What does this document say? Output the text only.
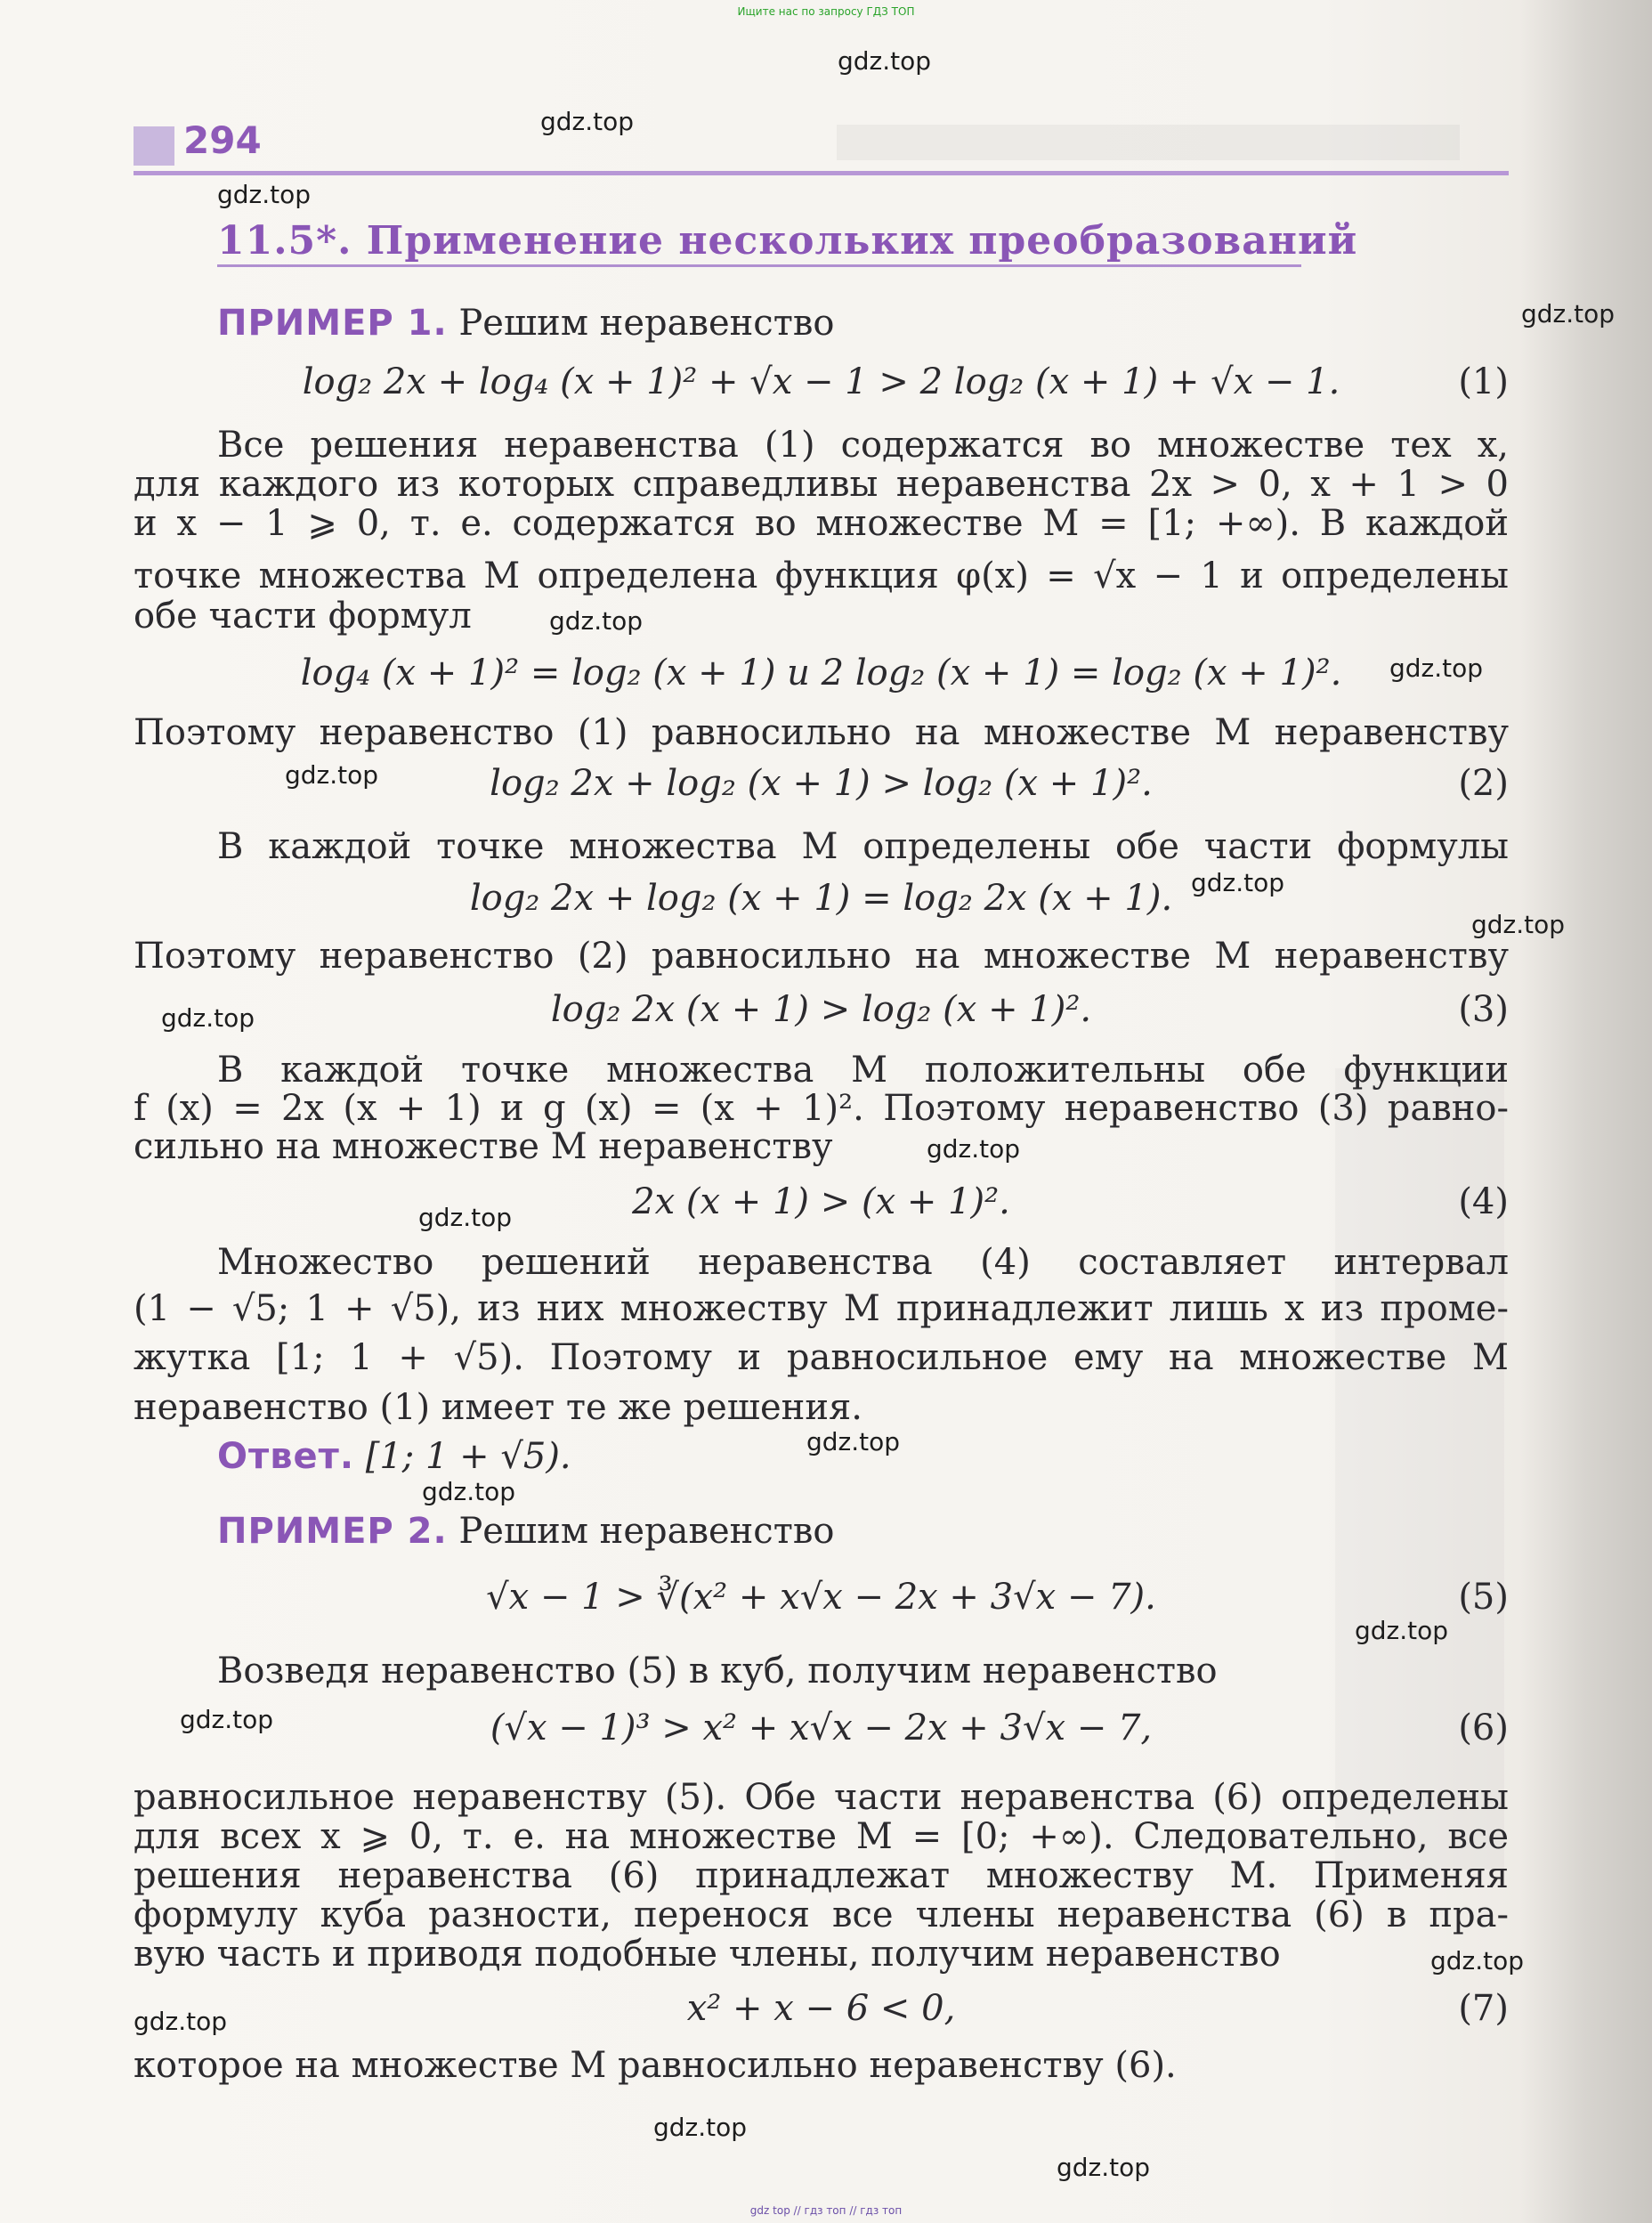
Ищите нас по запросу ГДЗ ТОП
294
11.5*. Применение нескольких преобразований
ПРИМЕР 1. Решим неравенство
log₂ 2x + log₄ (x + 1)² + √x − 1 > 2 log₂ (x + 1) + √x − 1.	(1)
Все решения неравенства (1) содержатся во множестве тех x,
для каждого из которых справедливы неравенства 2x > 0, x + 1 > 0
и x − 1 ⩾ 0, т. е. содержатся во множестве M = [1; +∞). В каждой
точке множества M определена функция φ(x) = √x − 1 и определены
обе части формул
log₄ (x + 1)² = log₂ (x + 1) и 2 log₂ (x + 1) = log₂ (x + 1)².
Поэтому неравенство (1) равносильно на множестве M неравенству
log₂ 2x + log₂ (x + 1) > log₂ (x + 1)².	(2)
В каждой точке множества M определены обе части формулы
log₂ 2x + log₂ (x + 1) = log₂ 2x (x + 1).
Поэтому неравенство (2) равносильно на множестве M неравенству
log₂ 2x (x + 1) > log₂ (x + 1)².	(3)
В каждой точке множества M положительны обе функции
f (x) = 2x (x + 1) и g (x) = (x + 1)². Поэтому неравенство (3) равно-
сильно на множестве M неравенству
2x (x + 1) > (x + 1)².	(4)
Множество решений неравенства (4) составляет интервал
(1 − √5; 1 + √5), из них множеству M принадлежит лишь x из проме-
жутка [1; 1 + √5). Поэтому и равносильное ему на множестве M
неравенство (1) имеет те же решения.
Ответ. [1; 1 + √5).
ПРИМЕР 2. Решим неравенство
√x − 1 > ∛(x² + x√x − 2x + 3√x − 7).	(5)
Возведя неравенство (5) в куб, получим неравенство
(√x − 1)³ > x² + x√x − 2x + 3√x − 7,	(6)
равносильное неравенству (5). Обе части неравенства (6) определены
для всех x ⩾ 0, т. е. на множестве M = [0; +∞). Следовательно, все
решения неравенства (6) принадлежат множеству M. Применяя
формулу куба разности, перенося все члены неравенства (6) в пра-
вую часть и приводя подобные члены, получим неравенство
x² + x − 6 < 0,	(7)
которое на множестве M равносильно неравенству (6).
gdz.top
gdz.top
gdz.top
gdz.top
gdz.top
gdz.top
gdz.top
gdz.top
gdz.top
gdz.top
gdz.top
gdz.top
gdz.top
gdz.top
gdz.top
gdz.top
gdz.top
gdz.top
gdz.top
gdz.top
gdz top // гдз топ // гдз топ
